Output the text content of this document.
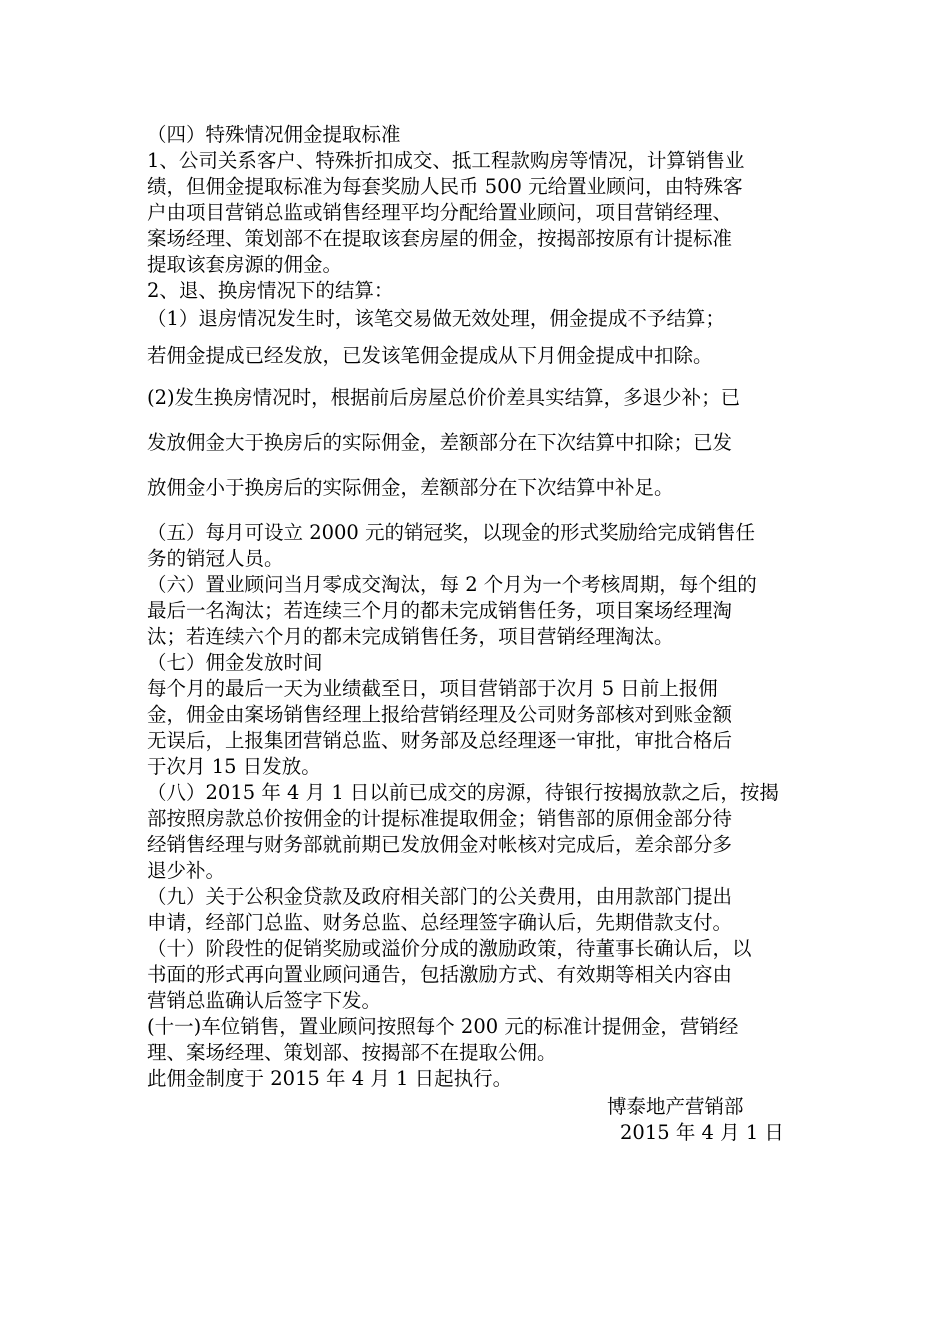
（四）特殊情况佣金提取标准
1、公司关系客户、特殊折扣成交、抵工程款购房等情况，计算销售业
绩，但佣金提取标准为每套奖励人民币 500 元给置业顾问，由特殊客
户由项目营销总监或销售经理平均分配给置业顾问，项目营销经理、
案场经理、策划部不在提取该套房屋的佣金，按揭部按原有计提标准
提取该套房源的佣金。
2、退、换房情况下的结算：
（1）退房情况发生时，该笔交易做无效处理，佣金提成不予结算；
若佣金提成已经发放，已发该笔佣金提成从下月佣金提成中扣除。
(2)发生换房情况时，根据前后房屋总价价差具实结算，多退少补；已
发放佣金大于换房后的实际佣金，差额部分在下次结算中扣除；已发
放佣金小于换房后的实际佣金，差额部分在下次结算中补足。
（五）每月可设立 2000 元的销冠奖，以现金的形式奖励给完成销售任
务的销冠人员。
（六）置业顾问当月零成交淘汰，每 2 个月为一个考核周期，每个组的
最后一名淘汰；若连续三个月的都未完成销售任务，项目案场经理淘
汰；若连续六个月的都未完成销售任务，项目营销经理淘汰。
（七）佣金发放时间
每个月的最后一天为业绩截至日，项目营销部于次月 5 日前上报佣
金，佣金由案场销售经理上报给营销经理及公司财务部核对到账金额
无误后，上报集团营销总监、财务部及总经理逐一审批，审批合格后
于次月 15 日发放。
（八）2015 年 4 月 1 日以前已成交的房源，待银行按揭放款之后，按揭
部按照房款总价按佣金的计提标准提取佣金；销售部的原佣金部分待
经销售经理与财务部就前期已发放佣金对帐核对完成后，差余部分多
退少补。
（九）关于公积金贷款及政府相关部门的公关费用，由用款部门提出
申请，经部门总监、财务总监、总经理签字确认后，先期借款支付。
（十）阶段性的促销奖励或溢价分成的激励政策，待董事长确认后，以
书面的形式再向置业顾问通告，包括激励方式、有效期等相关内容由
营销总监确认后签字下发。
(十一)车位销售，置业顾问按照每个 200 元的标准计提佣金，营销经
理、案场经理、策划部、按揭部不在提取公佣。
此佣金制度于 2015 年 4 月 1 日起执行。
博泰地产营销部
2015 年 4 月 1 日
